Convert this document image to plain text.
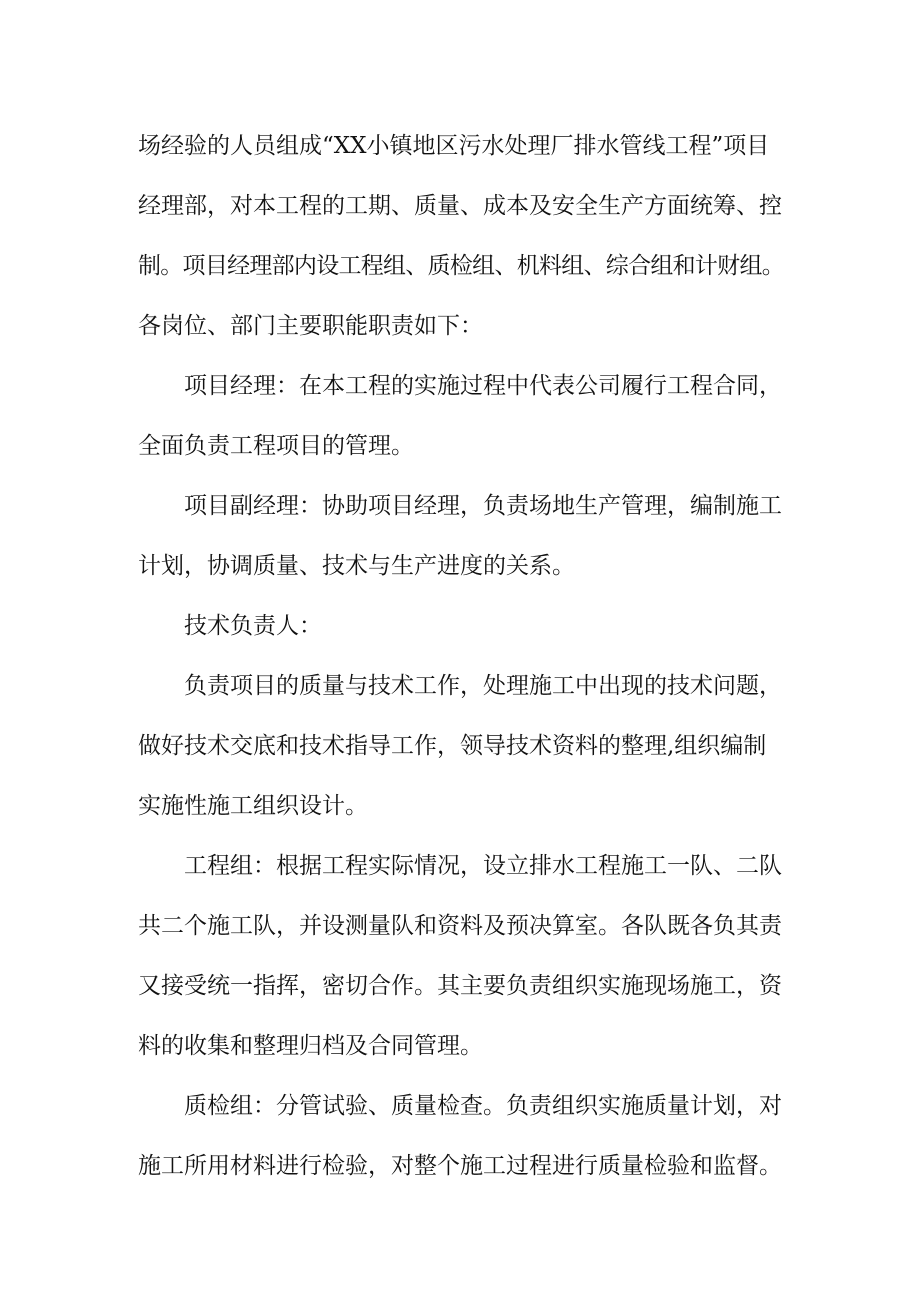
场经验的人员组成“XX小镇地区污水处理厂排水管线工程”项目

经理部，对本工程的工期、质量、成本及安全生产方面统筹、控

制。项目经理部内设工程组、质检组、机料组、综合组和计财组。

各岗位、部门主要职能职责如下：

项目经理：在本工程的实施过程中代表公司履行工程合同，

全面负责工程项目的管理。

项目副经理：协助项目经理，负责场地生产管理，编制施工

计划，协调质量、技术与生产进度的关系。

技术负责人：

负责项目的质量与技术工作，处理施工中出现的技术问题，

做好技术交底和技术指导工作，领导技术资料的整理,组织编制

实施性施工组织设计。

工程组：根据工程实际情况，设立排水工程施工一队、二队

共二个施工队，并设测量队和资料及预决算室。各队既各负其责

又接受统一指挥，密切合作。其主要负责组织实施现场施工，资

料的收集和整理归档及合同管理。

质检组：分管试验、质量检查。负责组织实施质量计划，对

施工所用材料进行检验，对整个施工过程进行质量检验和监督。
